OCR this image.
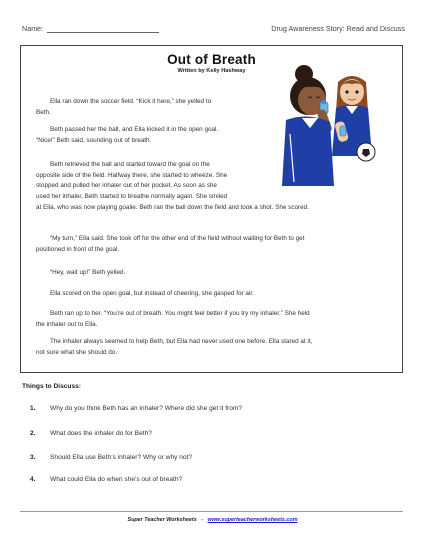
Name:	Drug Awareness Story: Read and Discuss
Out of Breath
Written by Kelly Hashway
Ella ran down the soccer field. “Kick it here,” she yelled to
Beth.
Beth passed her the ball, and Ella kicked it in the open goal.
“Nice!” Beth said, sounding out of breath.
Beth retrieved the ball and started toward the goal on the
opposite side of the field. Halfway there, she started to wheeze. She
stopped and pulled her inhaler out of her pocket. As soon as she
used her inhaler, Beth started to breathe normally again. She smiled
at Ella, who was now playing goalie. Beth ran the ball down the field and took a shot. She scored.
“My turn,” Ella said. She took off for the other end of the field without waiting for Beth to get
positioned in front of the goal.
“Hey, wait up!” Beth yelled.
Ella scored on the open goal, but instead of cheering, she gasped for air.
Beth ran up to her. “You’re out of breath. You might feel better if you try my inhaler.” She held
the inhaler out to Ella.
The inhaler always seemed to help Beth, but Ella had never used one before. Ella stared at it,
not sure what she should do.
Things to Discuss:
1. Why do you think Beth has an inhaler? Where did she get it from?
2. What does the inhaler do for Beth?
3. Should Ella use Beth’s inhaler? Why or why not?
4. What could Ella do when she’s out of breath?
Super Teacher Worksheets - www.superteacherworksheets.com
